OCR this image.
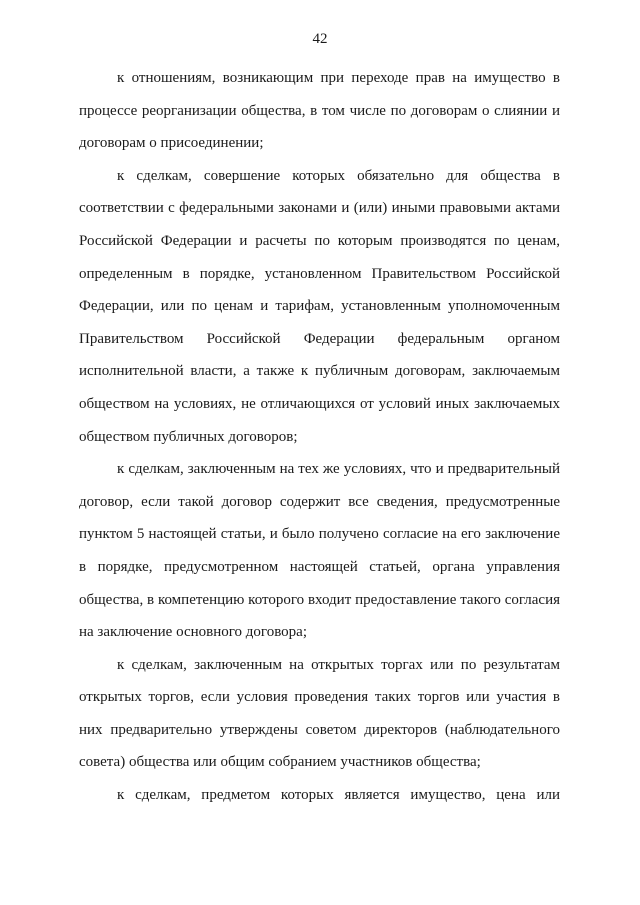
42

к отношениям, возникающим при переходе прав на имущество в процессе реорганизации общества, в том числе по договорам о слиянии и договорам о присоединении;

к сделкам, совершение которых обязательно для общества в соответствии с федеральными законами и (или) иными правовыми актами Российской Федерации и расчеты по которым производятся по ценам, определенным в порядке, установленном Правительством Российской Федерации, или по ценам и тарифам, установленным уполномоченным Правительством Российской Федерации федеральным органом исполнительной власти, а также к публичным договорам, заключаемым обществом на условиях, не отличающихся от условий иных заключаемых обществом публичных договоров;

к сделкам, заключенным на тех же условиях, что и предварительный договор, если такой договор содержит все сведения, предусмотренные пунктом 5 настоящей статьи, и было получено согласие на его заключение в порядке, предусмотренном настоящей статьей, органа управления общества, в компетенцию которого входит предоставление такого согласия на заключение основного договора;

к сделкам, заключенным на открытых торгах или по результатам открытых торгов, если условия проведения таких торгов или участия в них предварительно утверждены советом директоров (наблюдательного совета) общества или общим собранием участников общества;

к сделкам, предметом которых является имущество, цена или
